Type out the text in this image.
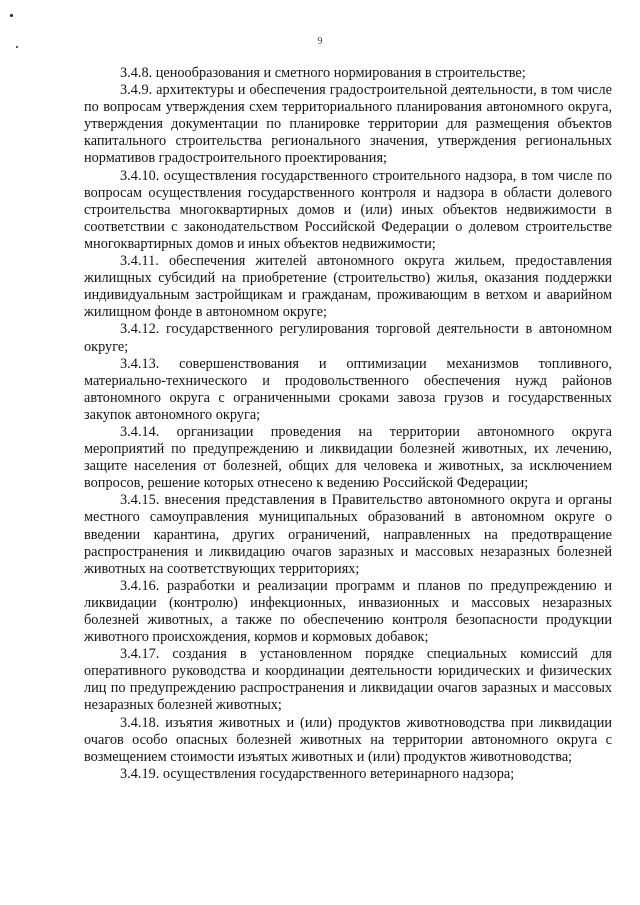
9

3.4.8. ценообразования и сметного нормирования в строительстве;

3.4.9. архитектуры и обеспечения градостроительной деятельности, в том числе по вопросам утверждения схем территориального планирования автономного округа, утверждения документации по планировке территории для размещения объектов капитального строительства регионального значения, утверждения региональных нормативов градостроительного проектирования;

3.4.10. осуществления государственного строительного надзора, в том числе по вопросам осуществления государственного контроля и надзора в области долевого строительства многоквартирных домов и (или) иных объектов недвижимости в соответствии с законодательством Российской Федерации о долевом строительстве многоквартирных домов и иных объектов недвижимости;

3.4.11. обеспечения жителей автономного округа жильем, предоставления жилищных субсидий на приобретение (строительство) жилья, оказания поддержки индивидуальным застройщикам и гражданам, проживающим в ветхом и аварийном жилищном фонде в автономном округе;

3.4.12. государственного регулирования торговой деятельности в автономном округе;

3.4.13. совершенствования и оптимизации механизмов топливного, материально-технического и продовольственного обеспечения нужд районов автономного округа с ограниченными сроками завоза грузов и государственных закупок автономного округа;

3.4.14. организации проведения на территории автономного округа мероприятий по предупреждению и ликвидации болезней животных, их лечению, защите населения от болезней, общих для человека и животных, за исключением вопросов, решение которых отнесено к ведению Российской Федерации;

3.4.15. внесения представления в Правительство автономного округа и органы местного самоуправления муниципальных образований в автономном округе о введении карантина, других ограничений, направленных на предотвращение распространения и ликвидацию очагов заразных и массовых незаразных болезней животных на соответствующих территориях;

3.4.16. разработки и реализации программ и планов по предупреждению и ликвидации (контролю) инфекционных, инвазионных и массовых незаразных болезней животных, а также по обеспечению контроля безопасности продукции животного происхождения, кормов и кормовых добавок;

3.4.17. создания в установленном порядке специальных комиссий для оперативного руководства и координации деятельности юридических и физических лиц по предупреждению распространения и ликвидации очагов заразных и массовых незаразных болезней животных;

3.4.18. изъятия животных и (или) продуктов животноводства при ликвидации очагов особо опасных болезней животных на территории автономного округа с возмещением стоимости изъятых животных и (или) продуктов животноводства;

3.4.19. осуществления государственного ветеринарного надзора;
